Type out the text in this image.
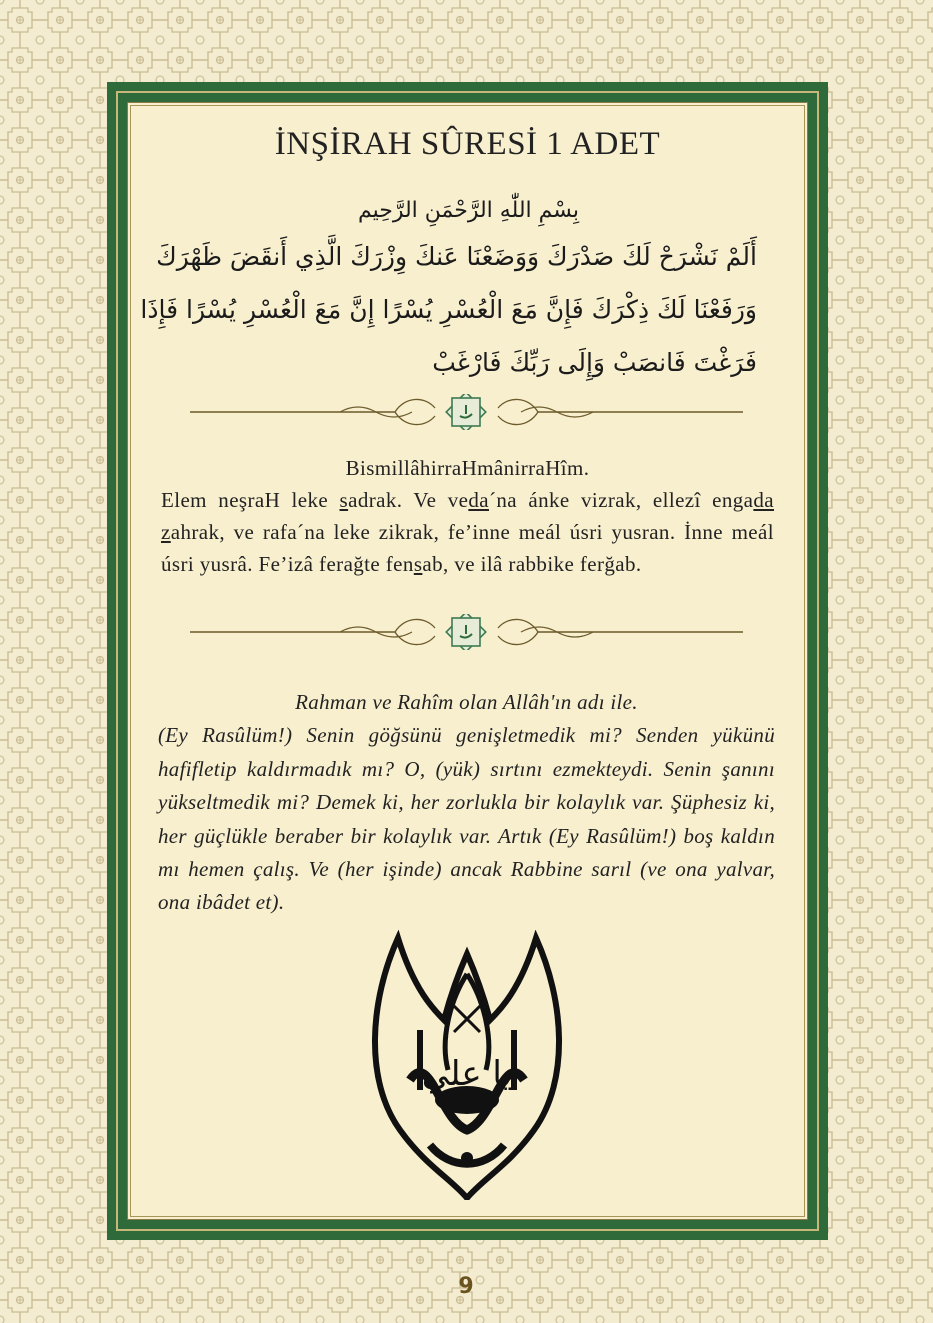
İNŞİRAH SÛRESİ 1 ADET
بِسْمِ اللّٰهِ الرَّحْمَنِ الرَّحِيم
أَلَمْ نَشْرَحْ لَكَ صَدْرَكَ وَوَضَعْنَا عَنكَ وِزْرَكَ الَّذِي أَنقَضَ ظَهْرَكَ
وَرَفَعْنَا لَكَ ذِكْرَكَ فَإِنَّ مَعَ الْعُسْرِ يُسْرًا إِنَّ مَعَ الْعُسْرِ يُسْرًا فَإِذَا
فَرَغْتَ فَانصَبْ وَإِلَى رَبِّكَ فَارْغَبْ
BismillâhirraHmânirraHîm.
Elem neşraH leke sadrak. Ve veda´na ánke vizrak, ellezî engada zahrak, ve rafa´na leke zikrak, fe’inne meál úsri yusran. İnne meál úsri yusrâ. Fe’izâ ferağte fensab, ve ilâ rabbike ferğab.
Rahman ve Rahîm olan Allâh'ın adı ile.
(Ey Rasûlüm!) Senin göğsünü genişletmedik mi? Senden yükünü hafifletip kaldırmadık mı? O, (yük) sırtını ezmekteydi. Senin şanını yükseltmedik mi? Demek ki, her zorlukla bir kolaylık var. Şüphesiz ki, her güçlükle beraber bir kolaylık var. Artık (Ey Rasûlüm!) boş kaldın mı hemen çalış. Ve (her işinde) ancak Rabbine sarıl (ve ona yalvar, ona ibâdet et).
يا علي
9
